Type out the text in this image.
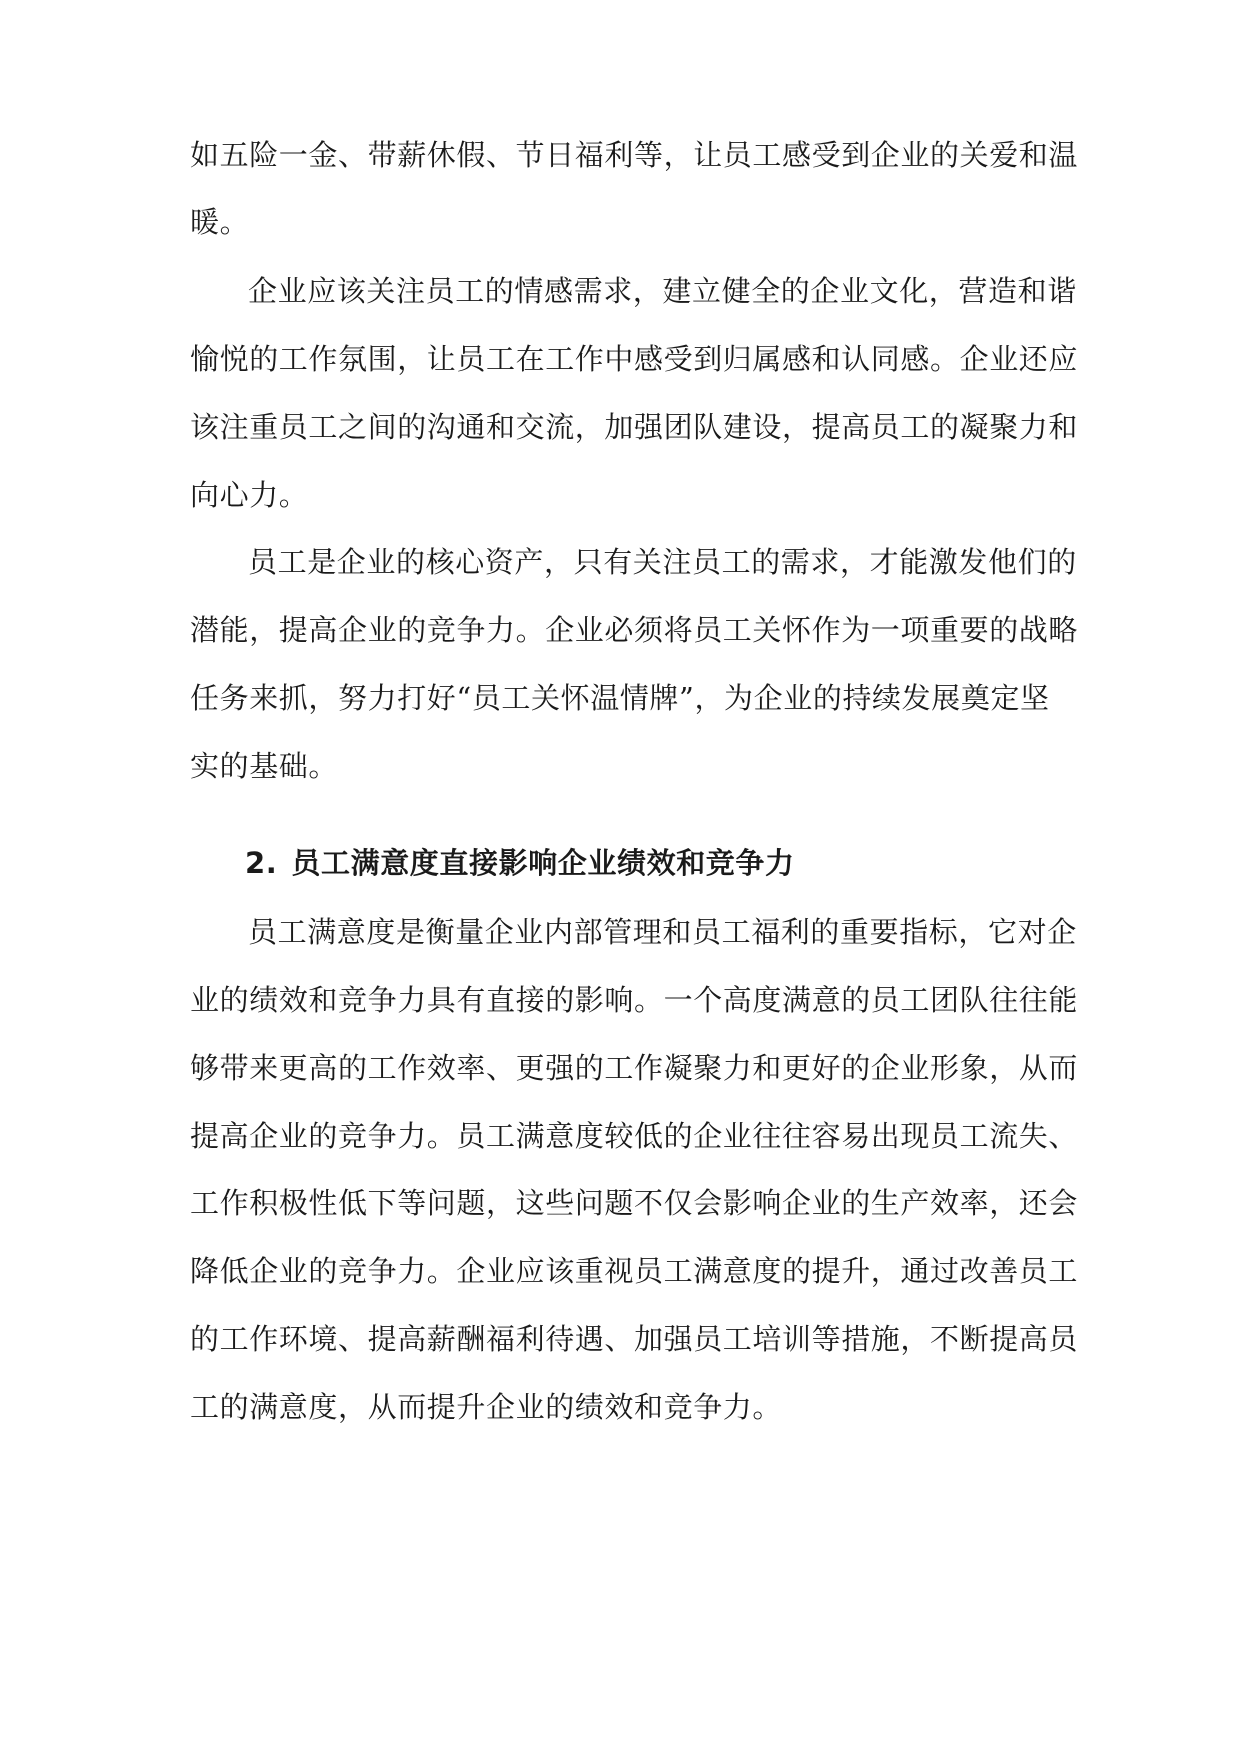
如五险一金、带薪休假、节日福利等，让员工感受到企业的关爱和温
暖。
企业应该关注员工的情感需求，建立健全的企业文化，营造和谐
愉悦的工作氛围，让员工在工作中感受到归属感和认同感。企业还应
该注重员工之间的沟通和交流，加强团队建设，提高员工的凝聚力和
向心力。
员工是企业的核心资产，只有关注员工的需求，才能激发他们的
潜能，提高企业的竞争力。企业必须将员工关怀作为一项重要的战略
任务来抓，努力打好“员工关怀温情牌”，为企业的持续发展奠定坚
实的基础。
2. 员工满意度直接影响企业绩效和竞争力
员工满意度是衡量企业内部管理和员工福利的重要指标，它对企
业的绩效和竞争力具有直接的影响。一个高度满意的员工团队往往能
够带来更高的工作效率、更强的工作凝聚力和更好的企业形象，从而
提高企业的竞争力。员工满意度较低的企业往往容易出现员工流失、
工作积极性低下等问题，这些问题不仅会影响企业的生产效率，还会
降低企业的竞争力。企业应该重视员工满意度的提升，通过改善员工
的工作环境、提高薪酬福利待遇、加强员工培训等措施，不断提高员
工的满意度，从而提升企业的绩效和竞争力。
